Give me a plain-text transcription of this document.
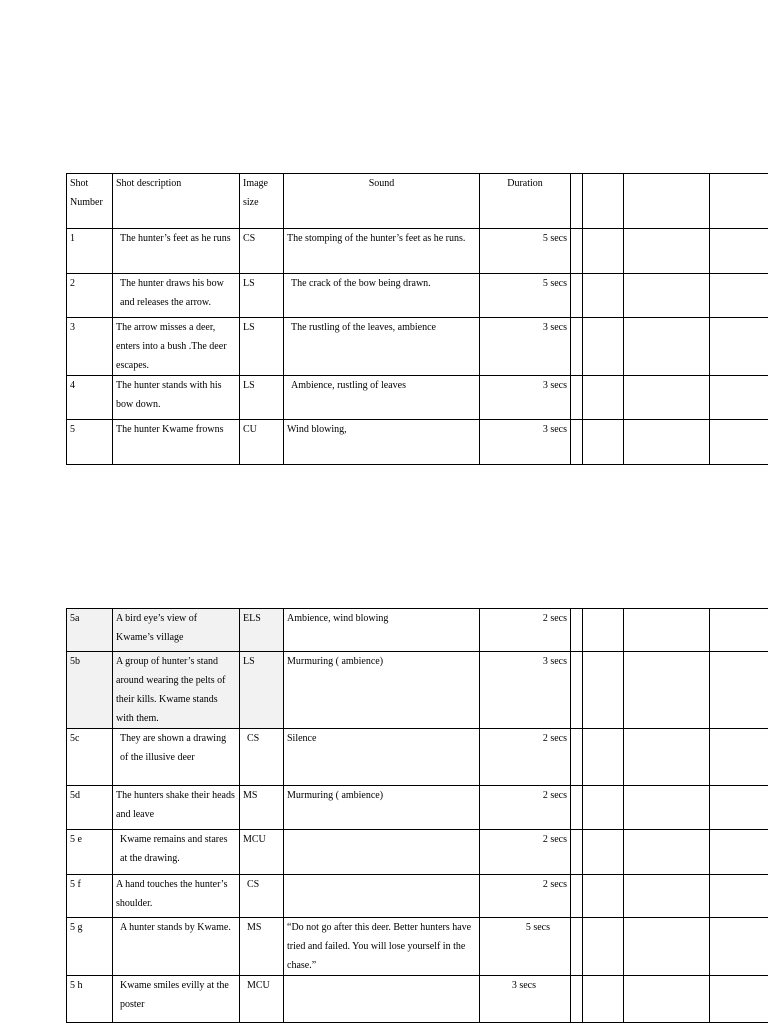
Shot Number	Shot description	Image size	Sound	Duration				
1	The hunter’s feet as he runs	CS	The stomping of the hunter’s feet as he runs.	5 secs				
2	The hunter draws his bow and releases the arrow.	LS	The crack of the bow being drawn.	5 secs				
3	The arrow misses a deer, enters into a bush .The deer escapes.	LS	The rustling of the leaves, ambience	3 secs				
4	The hunter stands with his bow down.	LS	Ambience, rustling of leaves	3 secs				
5	The hunter Kwame frowns	CU	Wind blowing,	3 secs				
5a	A bird eye’s view of Kwame’s village	ELS	Ambience, wind blowing	2 secs				
5b	A group of hunter’s stand around wearing the pelts of their kills. Kwame stands with them.	LS	Murmuring ( ambience)	3 secs				
5c	They are shown a drawing of the illusive deer	CS	Silence	2 secs				
5d	The hunters shake their heads and leave	MS	Murmuring ( ambience)	2 secs				
5 e	Kwame remains and stares at the drawing.	MCU		2 secs				
5 f	A hand touches the hunter’s shoulder.	CS		2 secs				
5 g	A hunter stands by Kwame.	MS	“Do not go after this deer. Better hunters have tried and failed. You will lose yourself in the chase.”	5 secs				
5 h	Kwame smiles evilly at the poster	MCU		3 secs				
